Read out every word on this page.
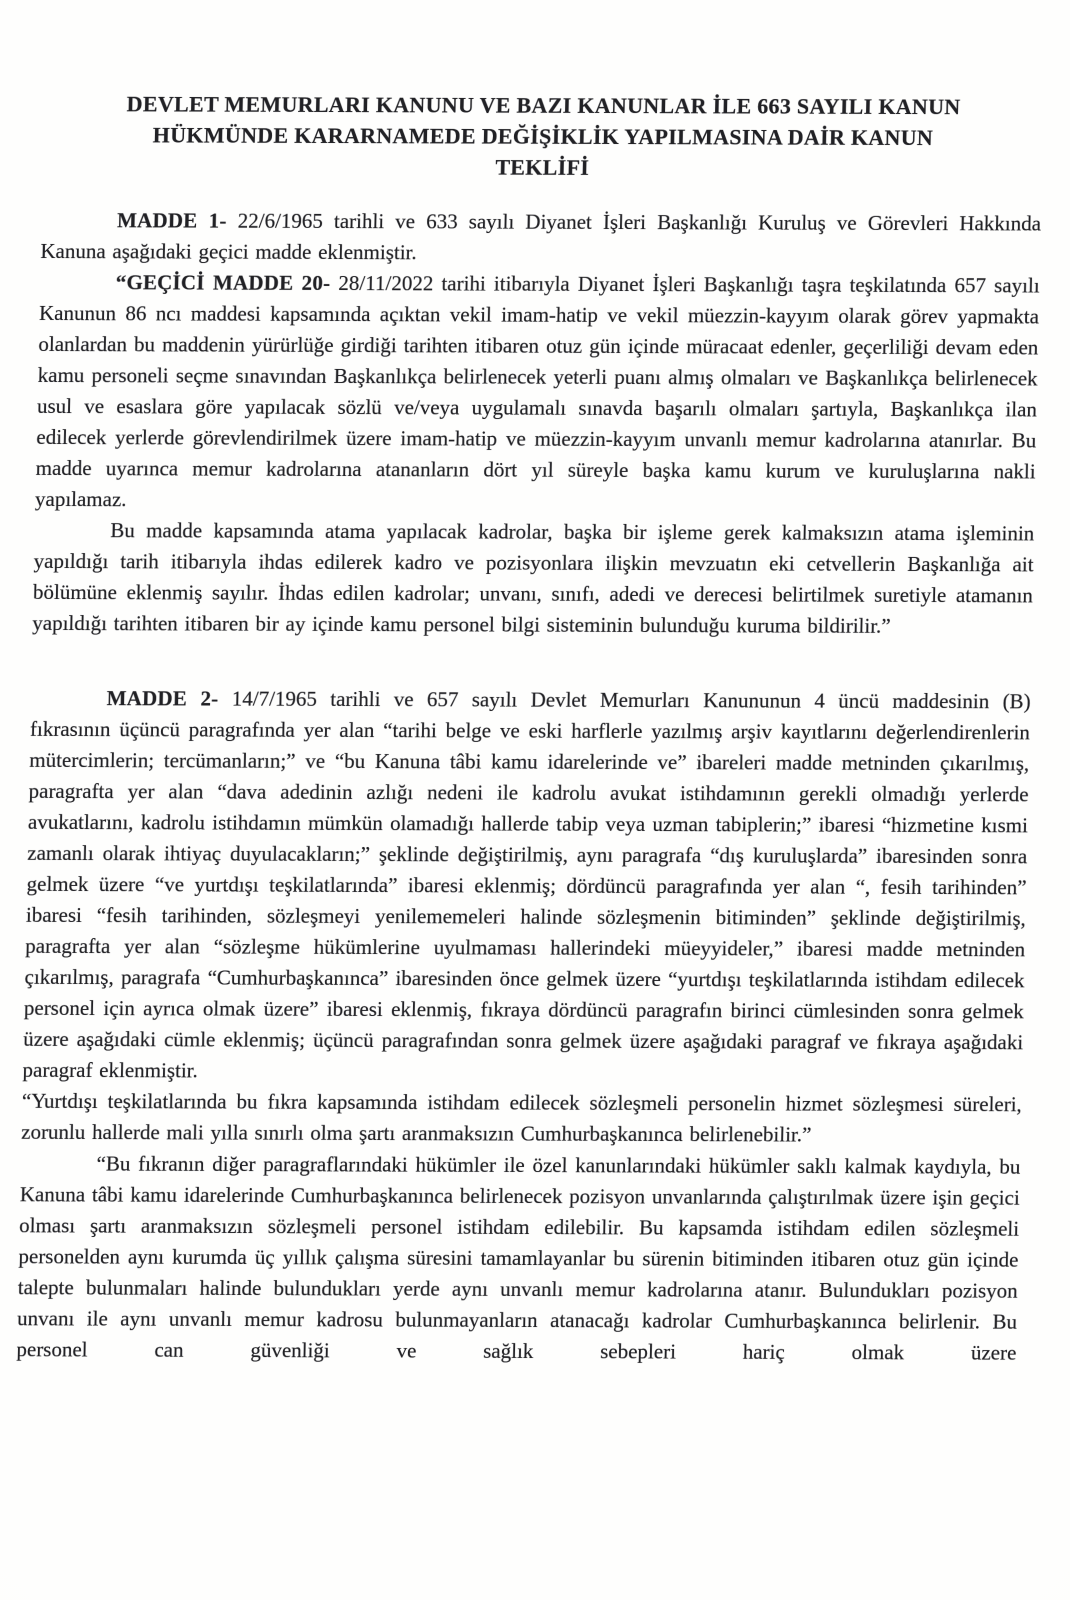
DEVLET MEMURLARI KANUNU VE BAZI KANUNLAR İLE 663 SAYILI KANUN
HÜKMÜNDE KARARNAMEDE DEĞİŞİKLİK YAPILMASINA DAİR KANUN
TEKLİFİ

MADDE 1- 22/6/1965 tarihli ve 633 sayılı Diyanet İşleri Başkanlığı Kuruluş ve Görevleri Hakkında Kanuna aşağıdaki geçici madde eklenmiştir.

“GEÇİCİ MADDE 20- 28/11/2022 tarihi itibarıyla Diyanet İşleri Başkanlığı taşra teşkilatında 657 sayılı Kanunun 86 ncı maddesi kapsamında açıktan vekil imam-hatip ve vekil müezzin-kayyım olarak görev yapmakta olanlardan bu maddenin yürürlüğe girdiği tarihten itibaren otuz gün içinde müracaat edenler, geçerliliği devam eden kamu personeli seçme sınavından Başkanlıkça belirlenecek yeterli puanı almış olmaları ve Başkanlıkça belirlenecek usul ve esaslara göre yapılacak sözlü ve/veya uygulamalı sınavda başarılı olmaları şartıyla, Başkanlıkça ilan edilecek yerlerde görevlendirilmek üzere imam-hatip ve müezzin-kayyım unvanlı memur kadrolarına atanırlar. Bu madde uyarınca memur kadrolarına atananların dört yıl süreyle başka kamu kurum ve kuruluşlarına nakli yapılamaz.

Bu madde kapsamında atama yapılacak kadrolar, başka bir işleme gerek kalmaksızın atama işleminin yapıldığı tarih itibarıyla ihdas edilerek kadro ve pozisyonlara ilişkin mevzuatın eki cetvellerin Başkanlığa ait bölümüne eklenmiş sayılır. İhdas edilen kadrolar; unvanı, sınıfı, adedi ve derecesi belirtilmek suretiyle atamanın yapıldığı tarihten itibaren bir ay içinde kamu personel bilgi sisteminin bulunduğu kuruma bildirilir.”

MADDE 2- 14/7/1965 tarihli ve 657 sayılı Devlet Memurları Kanununun 4 üncü maddesinin (B) fıkrasının üçüncü paragrafında yer alan “tarihi belge ve eski harflerle yazılmış arşiv kayıtlarını değerlendirenlerin mütercimlerin; tercümanların;” ve “bu Kanuna tâbi kamu idarelerinde ve” ibareleri madde metninden çıkarılmış, paragrafta yer alan “dava adedinin azlığı nedeni ile kadrolu avukat istihdamının gerekli olmadığı yerlerde avukatlarını, kadrolu istihdamın mümkün olamadığı hallerde tabip veya uzman tabiplerin;” ibaresi “hizmetine kısmi zamanlı olarak ihtiyaç duyulacakların;” şeklinde değiştirilmiş, aynı paragrafa “dış kuruluşlarda” ibaresinden sonra gelmek üzere “ve yurtdışı teşkilatlarında” ibaresi eklenmiş; dördüncü paragrafında yer alan “, fesih tarihinden” ibaresi “fesih tarihinden, sözleşmeyi yenilememeleri halinde sözleşmenin bitiminden” şeklinde değiştirilmiş, paragrafta yer alan “sözleşme hükümlerine uyulmaması hallerindeki müeyyideler,” ibaresi madde metninden çıkarılmış, paragrafa “Cumhurbaşkanınca” ibaresinden önce gelmek üzere “yurtdışı teşkilatlarında istihdam edilecek personel için ayrıca olmak üzere” ibaresi eklenmiş, fıkraya dördüncü paragrafın birinci cümlesinden sonra gelmek üzere aşağıdaki cümle eklenmiş; üçüncü paragrafından sonra gelmek üzere aşağıdaki paragraf ve fıkraya aşağıdaki paragraf eklenmiştir.

“Yurtdışı teşkilatlarında bu fıkra kapsamında istihdam edilecek sözleşmeli personelin hizmet sözleşmesi süreleri, zorunlu hallerde mali yılla sınırlı olma şartı aranmaksızın Cumhurbaşkanınca belirlenebilir.”

“Bu fıkranın diğer paragraflarındaki hükümler ile özel kanunlarındaki hükümler saklı kalmak kaydıyla, bu Kanuna tâbi kamu idarelerinde Cumhurbaşkanınca belirlenecek pozisyon unvanlarında çalıştırılmak üzere işin geçici olması şartı aranmaksızın sözleşmeli personel istihdam edilebilir. Bu kapsamda istihdam edilen sözleşmeli personelden aynı kurumda üç yıllık çalışma süresini tamamlayanlar bu sürenin bitiminden itibaren otuz gün içinde talepte bulunmaları halinde bulundukları yerde aynı unvanlı memur kadrolarına atanır. Bulundukları pozisyon unvanı ile aynı unvanlı memur kadrosu bulunmayanların atanacağı kadrolar Cumhurbaşkanınca belirlenir. Bu personel can güvenliği ve sağlık sebepleri hariç olmak üzere
